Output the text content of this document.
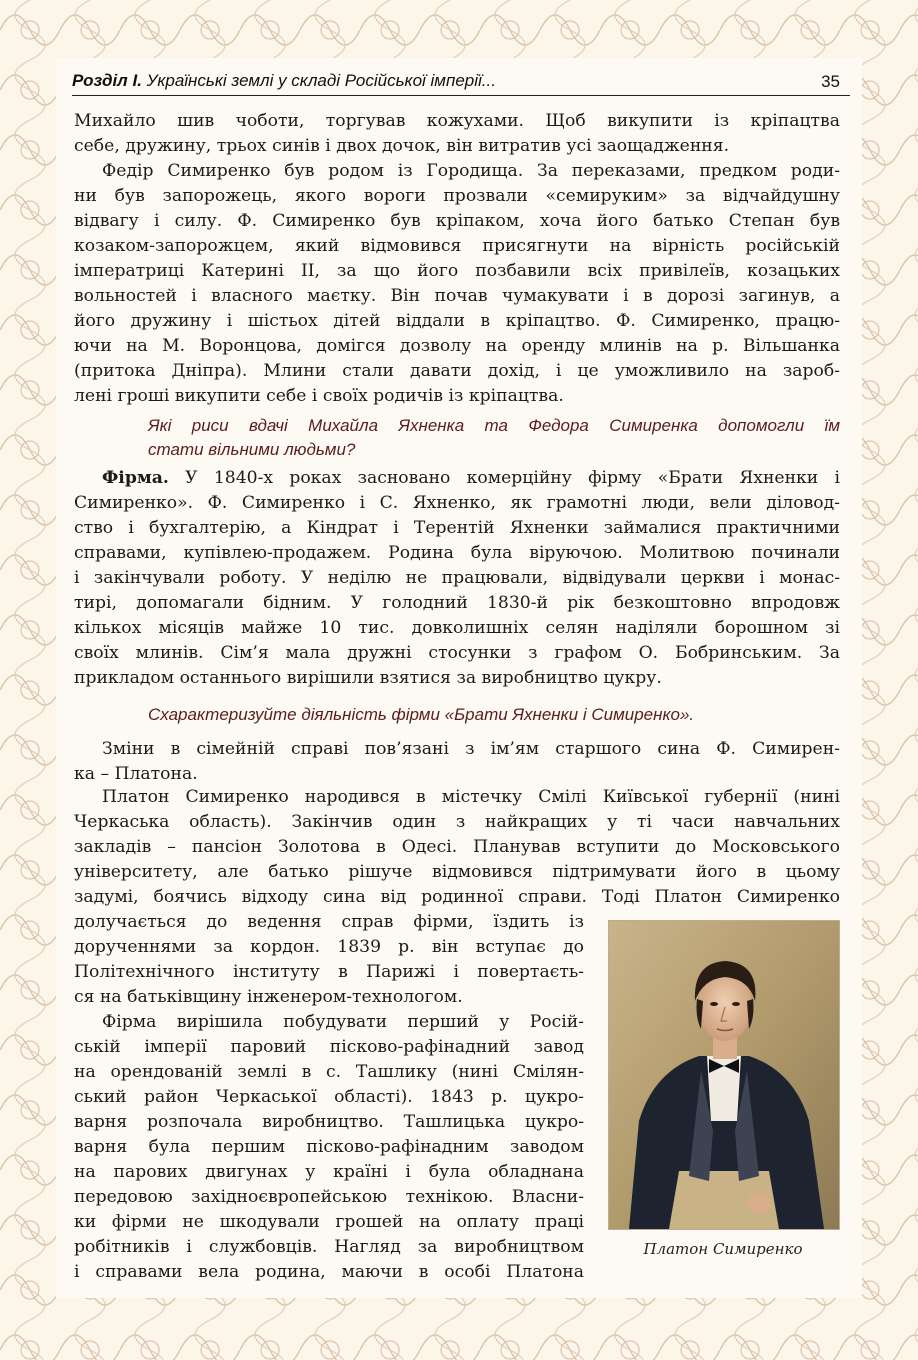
Розділ I. Українські землі у складі Російської імперії...	35
Михайло шив чоботи, торгував кожухами. Щоб викупити із кріпацтва
себе, дружину, трьох синів і двох дочок, він витратив усі заощадження.
Федір Симиренко був родом із Городища. За переказами, предком роди-
ни був запорожець, якого вороги прозвали «семируким» за відчайдушну
відвагу і силу. Ф. Симиренко був кріпаком, хоча його батько Степан був
козаком-запорожцем, який відмовився присягнути на вірність російській
імператриці Катерині II, за що його позбавили всіх привілеїв, козацьких
вольностей і власного маєтку. Він почав чумакувати і в дорозі загинув, а
його дружину і шістьох дітей віддали в кріпацтво. Ф. Симиренко, працю-
ючи на М. Воронцова, домігся дозволу на оренду млинів на р. Вільшанка
(притока Дніпра). Млини стали давати дохід, і це уможливило на зароб-
лені гроші викупити себе і своїх родичів із кріпацтва.
Які риси вдачі Михайла Яхненка та Федора Симиренка допомогли їм
стати вільними людьми?
Фірма. У 1840-х роках засновано комерційну фірму «Брати Яхненки і
Симиренко». Ф. Симиренко і С. Яхненко, як грамотні люди, вели діловод-
ство і бухгалтерію, а Кіндрат і Терентій Яхненки займалися практичними
справами, купівлею-продажем. Родина була віруючою. Молитвою починали
і закінчували роботу. У неділю не працювали, відвідували церкви і монас-
тирі, допомагали бідним. У голодний 1830-й рік безкоштовно впродовж
кількох місяців майже 10 тис. довколишніх селян наділяли борошном зі
своїх млинів. Сім’я мала дружні стосунки з графом О. Бобринським. За
прикладом останнього вирішили взятися за виробництво цукру.
Схарактеризуйте діяльність фірми «Брати Яхненки і Симиренко».
Зміни в сімейній справі пов’язані з ім’ям старшого сина Ф. Симирен-
ка – Платона.
Платон Симиренко народився в містечку Смілі Київської губернії (нині
Черкаська область). Закінчив один з найкращих у ті часи навчальних
закладів – пансіон Золотова в Одесі. Планував вступити до Московського
університету, але батько рішуче відмовився підтримувати його в цьому
задумі, боячись відходу сина від родинної справи. Тоді Платон Симиренко
долучається до ведення справ фірми, їздить із
дорученнями за кордон. 1839 р. він вступає до
Політехнічного інституту в Парижі і повертаєть-
ся на батьківщину інженером-технологом.
Фірма вирішила побудувати перший у Росій-
ській імперії паровий пісково-рафінадний завод
на орендованій землі в с. Ташлику (нині Смілян-
ський район Черкаської області). 1843 р. цукро-
варня розпочала виробництво. Ташлицька цукро-
варня була першим пісково-рафінадним заводом
на парових двигунах у країні і була обладнана
передовою західноєвропейською технікою. Власни-
ки фірми не шкодували грошей на оплату праці
робітників і службовців. Нагляд за виробництвом
і справами вела родина, маючи в особі Платона
Платон Симиренко
